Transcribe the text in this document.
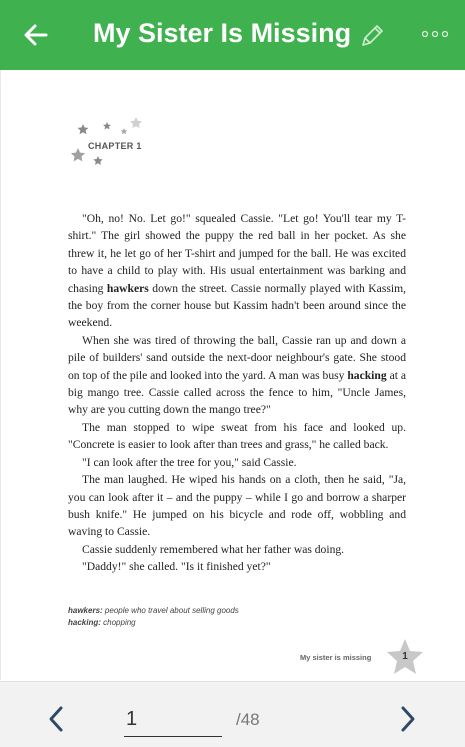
My Sister Is Missing
CHAPTER 1

"Oh, no! No. Let go!" squealed Cassie. "Let go! You'll tear my T-shirt." The girl showed the puppy the red ball in her pocket. As she threw it, he let go of her T-shirt and jumped for the ball. He was excited to have a child to play with. His usual entertainment was barking and chasing hawkers down the street. Cassie normally played with Kassim, the boy from the corner house but Kassim hadn't been around since the weekend.

When she was tired of throwing the ball, Cassie ran up and down a pile of builders' sand outside the next-door neighbour's gate. She stood on top of the pile and looked into the yard. A man was busy hacking at a big mango tree. Cassie called across the fence to him, "Uncle James, why are you cutting down the mango tree?"

The man stopped to wipe sweat from his face and looked up. "Concrete is easier to look after than trees and grass," he called back.

"I can look after the tree for you," said Cassie.

The man laughed. He wiped his hands on a cloth, then he said, "Ja, you can look after it – and the puppy – while I go and borrow a sharper bush knife." He jumped on his bicycle and rode off, wobbling and waving to Cassie.

Cassie suddenly remembered what her father was doing.

"Daddy!" she called. "Is it finished yet?"

hawkers: people who travel about selling goods
hacking: chopping
My sister is missing	1
1
/48
